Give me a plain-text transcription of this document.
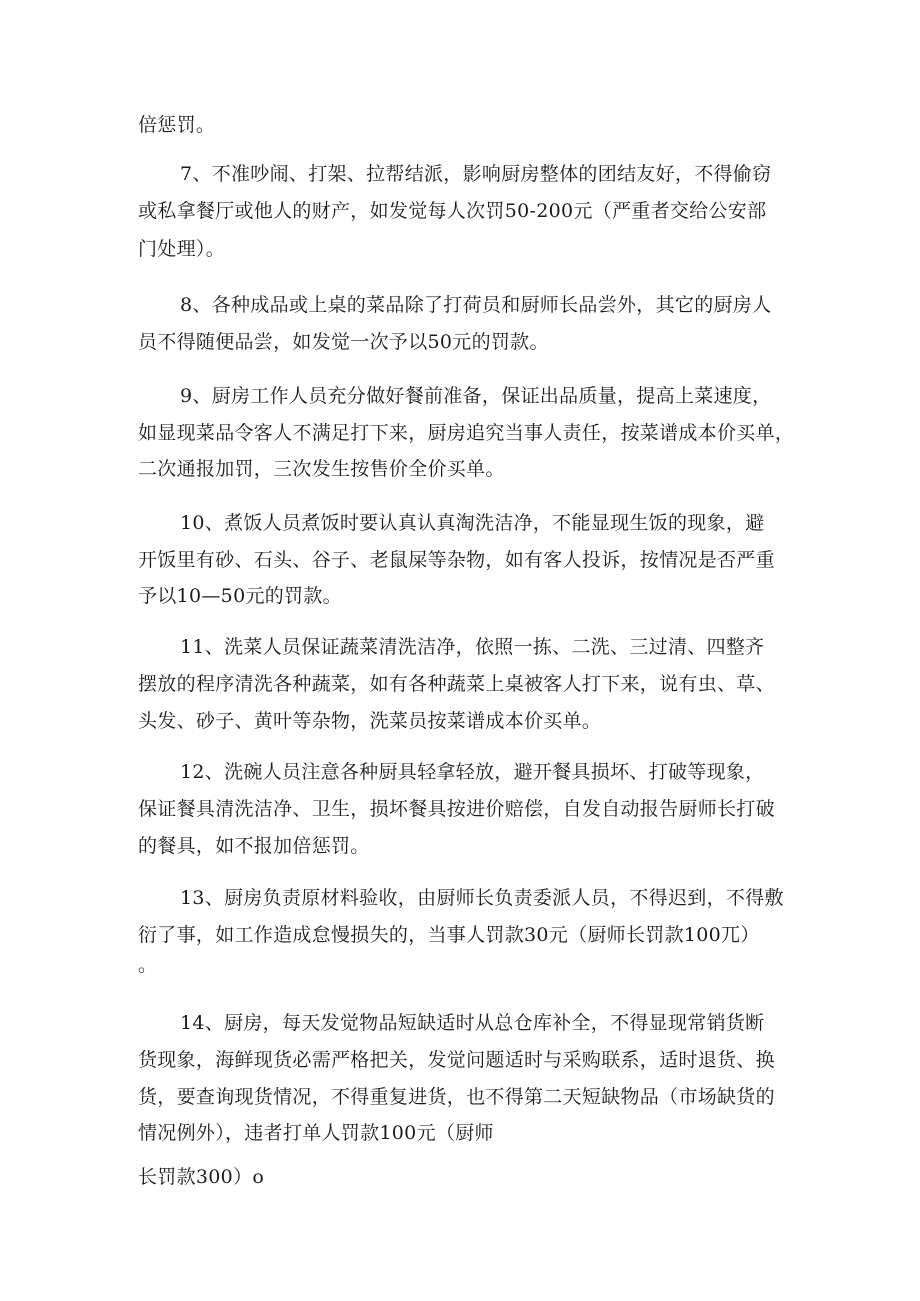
倍惩罚。
7、不准吵闹、打架、拉帮结派，影响厨房整体的团结友好，不得偷窃
或私拿餐厅或他人的财产，如发觉每人次罚50-200元（严重者交给公安部
门处理）。
8、各种成品或上桌的菜品除了打荷员和厨师长品尝外，其它的厨房人
员不得随便品尝，如发觉一次予以50元的罚款。
9、厨房工作人员充分做好餐前准备，保证出品质量，提高上菜速度，
如显现菜品令客人不满足打下来，厨房追究当事人责任，按菜谱成本价买单，
二次通报加罚，三次发生按售价全价买单。
10、煮饭人员煮饭时要认真认真淘洗洁净，不能显现生饭的现象，避
开饭里有砂、石头、谷子、老鼠屎等杂物，如有客人投诉，按情况是否严重
予以10—50元的罚款。
11、洗菜人员保证蔬菜清洗洁净，依照一拣、二洗、三过清、四整齐
摆放的程序清洗各种蔬菜，如有各种蔬菜上桌被客人打下来，说有虫、草、
头发、砂子、黄叶等杂物，洗菜员按菜谱成本价买单。
12、洗碗人员注意各种厨具轻拿轻放，避开餐具损坏、打破等现象，
保证餐具清洗洁净、卫生，损坏餐具按进价赔偿，自发自动报告厨师长打破
的餐具，如不报加倍惩罚。
13、厨房负责原材料验收，由厨师长负责委派人员，不得迟到，不得敷
衍了事，如工作造成怠慢损失的，当事人罚款30元（厨师长罚款100兀）
。
14、厨房，每天发觉物品短缺适时从总仓库补全，不得显现常销货断
货现象，海鲜现货必需严格把关，发觉问题适时与采购联系，适时退货、换
货，要查询现货情况，不得重复进货，也不得第二天短缺物品（市场缺货的
情况例外），违者打单人罚款100元（厨师
长罚款300）o
